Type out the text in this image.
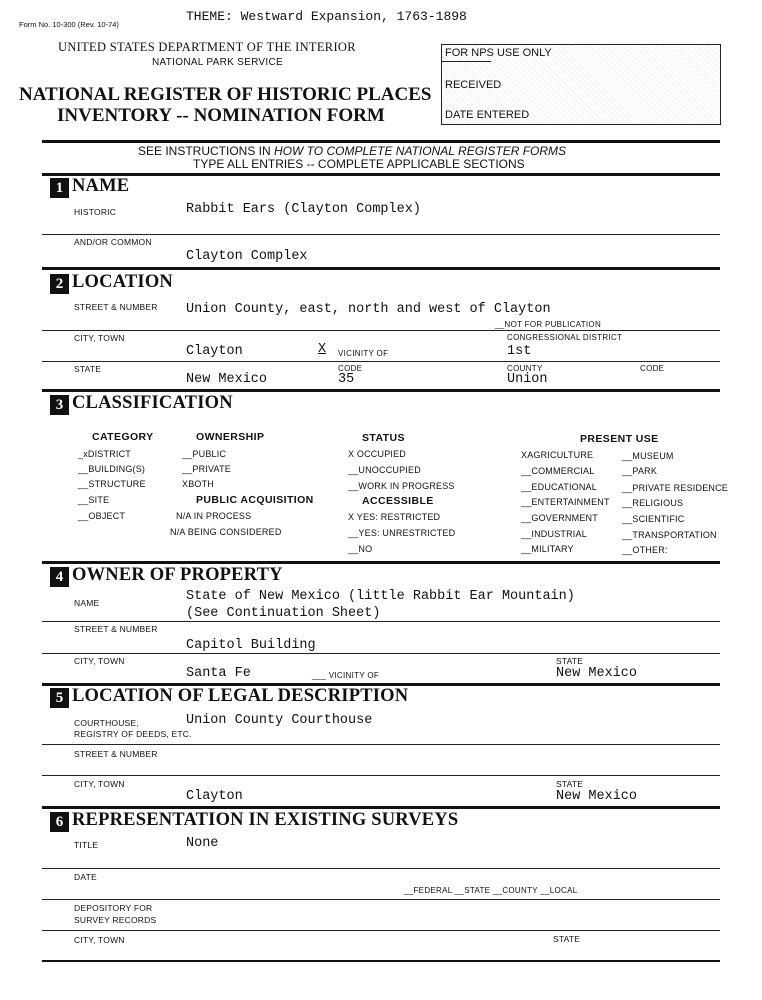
Form No. 10-300 (Rev. 10-74)
THEME: Westward Expansion, 1763-1898
UNITED STATES DEPARTMENT OF THE INTERIOR
NATIONAL PARK SERVICE
NATIONAL REGISTER OF HISTORIC PLACES
INVENTORY -- NOMINATION FORM
FOR NPS USE ONLY
RECEIVED
DATE ENTERED
SEE INSTRUCTIONS IN HOW TO COMPLETE NATIONAL REGISTER FORMS
TYPE ALL ENTRIES -- COMPLETE APPLICABLE SECTIONS
1 NAME
HISTORIC	Rabbit Ears (Clayton Complex)
AND/OR COMMON
Clayton Complex
2 LOCATION
STREET & NUMBER Union County, east, north and west of Clayton
__NOT FOR PUBLICATION
CITY, TOWN	CONGRESSIONAL DISTRICT
Clayton	X VICINITY OF	1st
STATE	CODE	COUNTY	CODE
New Mexico	35	Union
3 CLASSIFICATION
CATEGORY
_xDISTRICT
__BUILDING(S)
__STRUCTURE
__SITE
__OBJECT
OWNERSHIP
__PUBLIC
__PRIVATE
XBOTH
PUBLIC ACQUISITION
N/A IN PROCESS
N/A BEING CONSIDERED
STATUS
X OCCUPIED
__UNOCCUPIED
__WORK IN PROGRESS
ACCESSIBLE
X YES: RESTRICTED
__YES: UNRESTRICTED
__NO
PRESENT USE
XAGRICULTURE
__COMMERCIAL
__EDUCATIONAL
__ENTERTAINMENT
__GOVERNMENT
__INDUSTRIAL
__MILITARY
__MUSEUM
__PARK
__PRIVATE RESIDENCE
__RELIGIOUS
__SCIENTIFIC
__TRANSPORTATION
__OTHER:
4 OWNER OF PROPERTY
NAME	State of New Mexico (little Rabbit Ear Mountain)
(See Continuation Sheet)
STREET & NUMBER
Capitol Building
CITY, TOWN	STATE
Santa Fe	___ VICINITY OF	New Mexico
5 LOCATION OF LEGAL DESCRIPTION
COURTHOUSE,
REGISTRY OF DEEDS, ETC.
Union County Courthouse
STREET & NUMBER
CITY, TOWN	STATE
Clayton	New Mexico
6 REPRESENTATION IN EXISTING SURVEYS
TITLE	None
DATE
__FEDERAL __STATE __COUNTY __LOCAL
DEPOSITORY FOR
SURVEY RECORDS
CITY, TOWN	STATE
